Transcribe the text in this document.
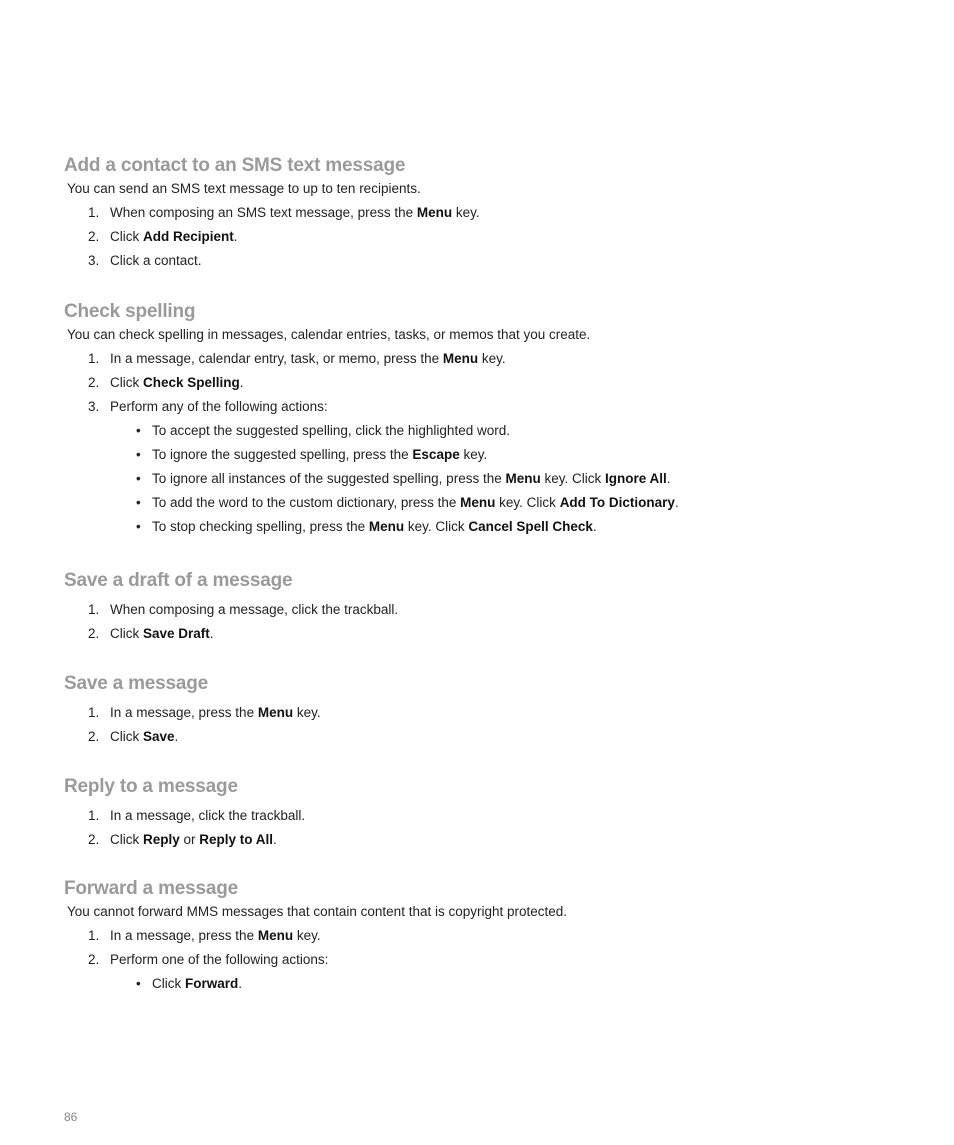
Add a contact to an SMS text message

You can send an SMS text message to up to ten recipients.

1. When composing an SMS text message, press the Menu key.
2. Click Add Recipient.
3. Click a contact.
Check spelling

You can check spelling in messages, calendar entries, tasks, or memos that you create.

1. In a message, calendar entry, task, or memo, press the Menu key.
2. Click Check Spelling.
3. Perform any of the following actions:
• To accept the suggested spelling, click the highlighted word.
• To ignore the suggested spelling, press the Escape key.
• To ignore all instances of the suggested spelling, press the Menu key. Click Ignore All.
• To add the word to the custom dictionary, press the Menu key. Click Add To Dictionary.
• To stop checking spelling, press the Menu key. Click Cancel Spell Check.
Save a draft of a message
1. When composing a message, click the trackball.
2. Click Save Draft.
Save a message
1. In a message, press the Menu key.
2. Click Save.
Reply to a message
1. In a message, click the trackball.
2. Click Reply or Reply to All.
Forward a message

You cannot forward MMS messages that contain content that is copyright protected.

1. In a message, press the Menu key.
2. Perform one of the following actions:
• Click Forward.
86
